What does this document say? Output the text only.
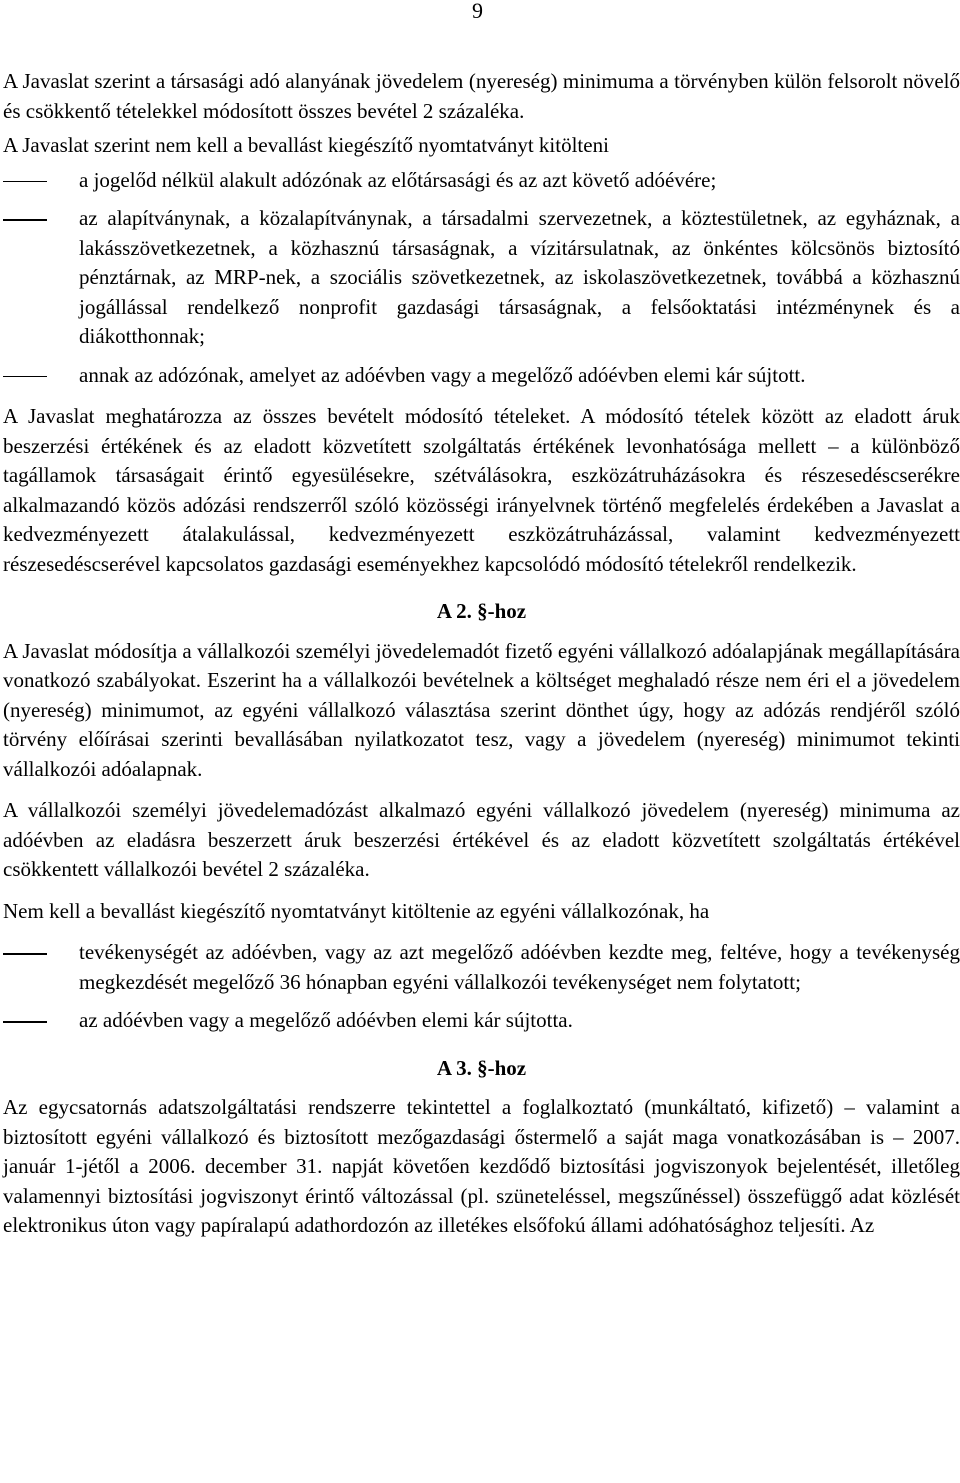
9

A Javaslat szerint a társasági adó alanyának jövedelem (nyereség) minimuma a törvényben külön felsorolt növelő és csökkentő tételekkel módosított összes bevétel 2 százaléka.

A Javaslat szerint nem kell a bevallást kiegészítő nyomtatványt kitölteni

a jogelőd nélkül alakult adózónak az előtársasági és az azt követő adóévére;
az alapítványnak, a közalapítványnak, a társadalmi szervezetnek, a köztestületnek, az egyháznak, a lakásszövetkezetnek, a közhasznú társaságnak, a vízitársulatnak, az önkéntes kölcsönös biztosító pénztárnak, az MRP-nek, a szociális szövetkezetnek, az iskolaszövetkezetnek, továbbá a közhasznú jogállással rendelkező nonprofit gazdasági társaságnak, a felsőoktatási intézménynek és a diákotthonnak;
annak az adózónak, amelyet az adóévben vagy a megelőző adóévben elemi kár sújtott.

A Javaslat meghatározza az összes bevételt módosító tételeket. A módosító tételek között az eladott áruk beszerzési értékének és az eladott közvetített szolgáltatás értékének levonhatósága mellett – a különböző tagállamok társaságait érintő egyesülésekre, szétválásokra, eszközátruházásokra és részesedéscserékre alkalmazandó közös adózási rendszerről szóló közösségi irányelvnek történő megfelelés érdekében a Javaslat a kedvezményezett átalakulással, kedvezményezett eszközátruházással, valamint kedvezményezett részesedéscserével kapcsolatos gazdasági eseményekhez kapcsolódó módosító tételekről rendelkezik.

A 2. §-hoz

A Javaslat módosítja a vállalkozói személyi jövedelemadót fizető egyéni vállalkozó adóalapjának megállapítására vonatkozó szabályokat. Eszerint ha a vállalkozói bevételnek a költséget meghaladó része nem éri el a jövedelem (nyereség) minimumot, az egyéni vállalkozó választása szerint dönthet úgy, hogy az adózás rendjéről szóló törvény előírásai szerinti bevallásában nyilatkozatot tesz, vagy a jövedelem (nyereség) minimumot tekinti vállalkozói adóalapnak.

A vállalkozói személyi jövedelemadózást alkalmazó egyéni vállalkozó jövedelem (nyereség) minimuma az adóévben az eladásra beszerzett áruk beszerzési értékével és az eladott közvetített szolgáltatás értékével csökkentett vállalkozói bevétel 2 százaléka.

Nem kell a bevallást kiegészítő nyomtatványt kitöltenie az egyéni vállalkozónak, ha

tevékenységét az adóévben, vagy az azt megelőző adóévben kezdte meg, feltéve, hogy a tevékenység megkezdését megelőző 36 hónapban egyéni vállalkozói tevékenységet nem folytatott;
az adóévben vagy a megelőző adóévben elemi kár sújtotta.
A 3. §-hoz

Az egycsatornás adatszolgáltatási rendszerre tekintettel a foglalkoztató (munkáltató, kifizető) – valamint a biztosított egyéni vállalkozó és biztosított mezőgazdasági őstermelő a saját maga vonatkozásában is – 2007. január 1-jétől a 2006. december 31. napját követően kezdődő biztosítási jogviszonyok bejelentését, illetőleg valamennyi biztosítási jogviszonyt érintő változással (pl. szüneteléssel, megszűnéssel) összefüggő adat közlését elektronikus úton vagy papíralapú adathordozón az illetékes elsőfokú állami adóhatósághoz teljesíti. Az
